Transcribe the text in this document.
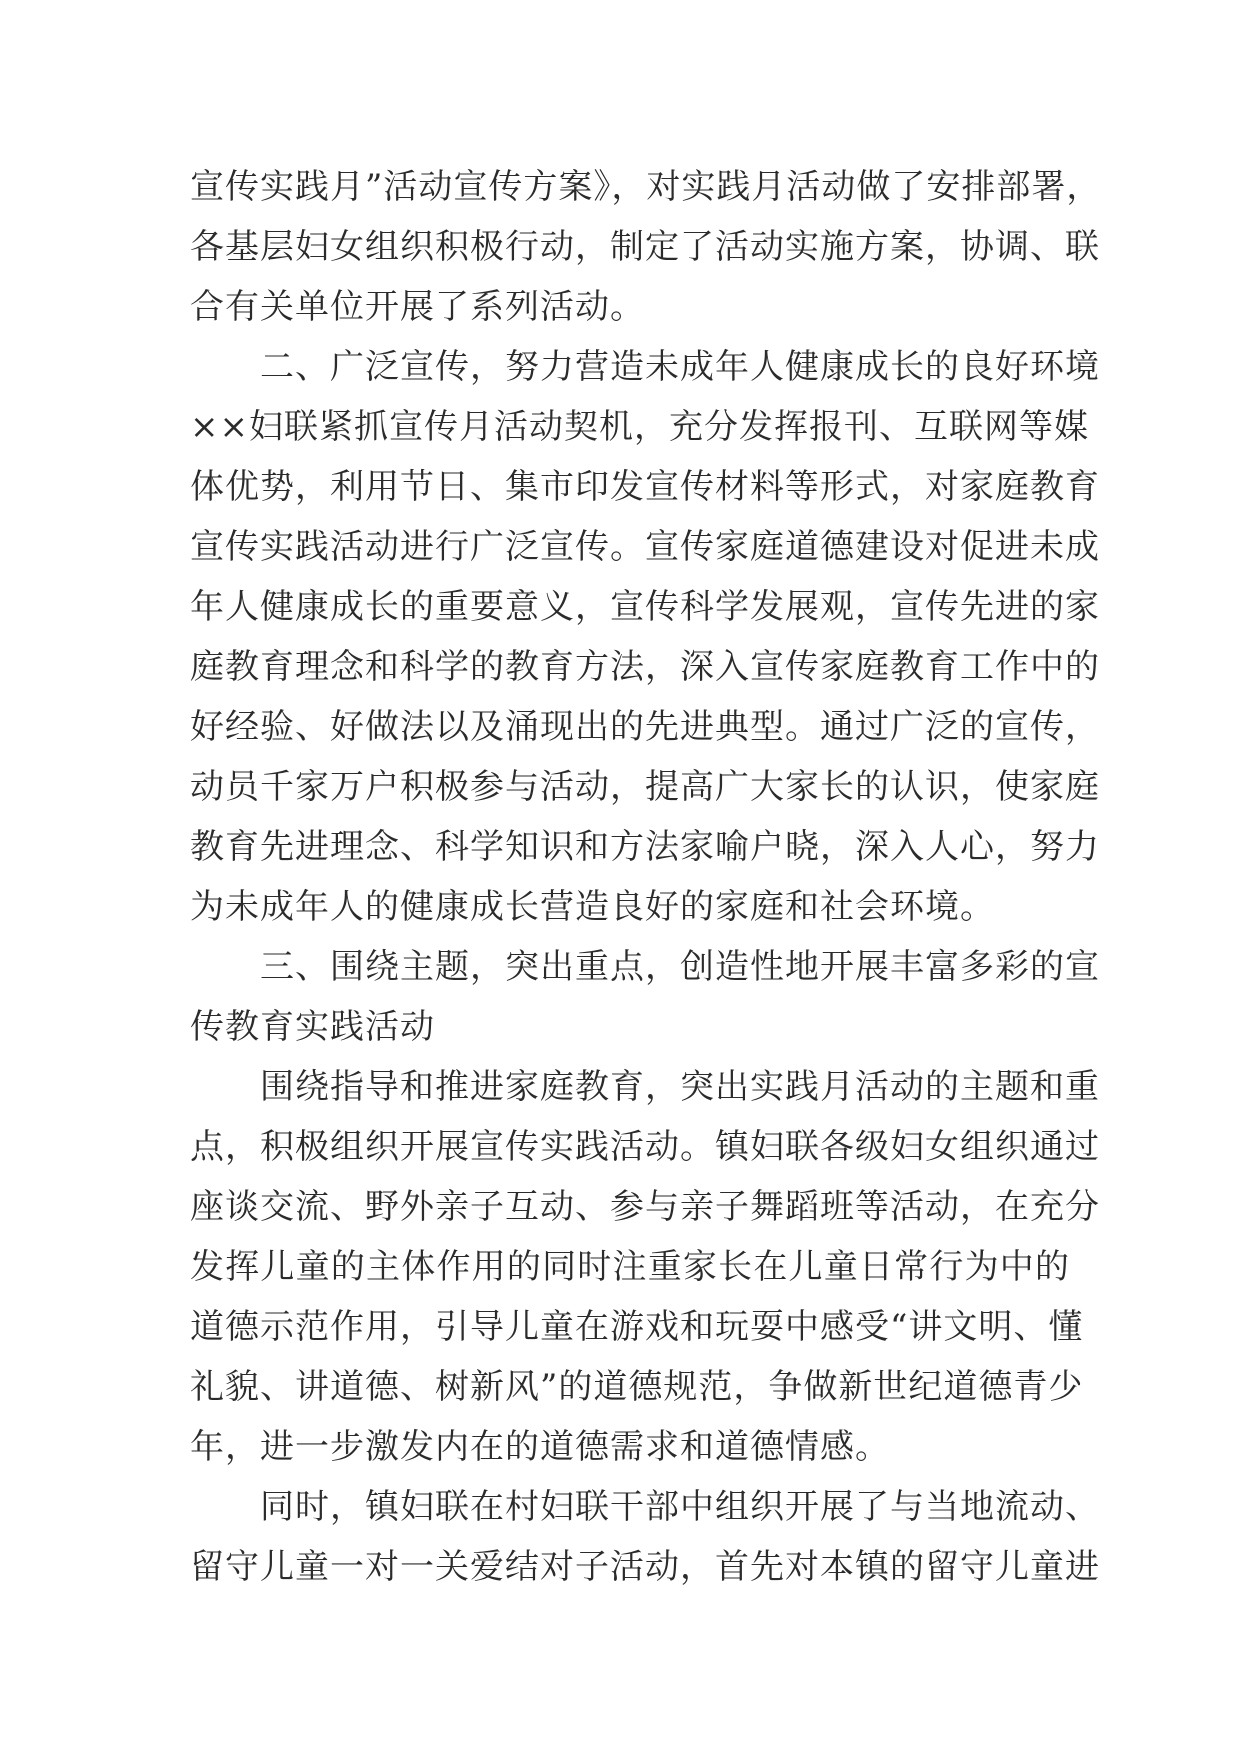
宣传实践月”活动宣传方案》，对实践月活动做了安排部署，
各基层妇女组织积极行动，制定了活动实施方案，协调、联
合有关单位开展了系列活动。
　　二、广泛宣传，努力营造未成年人健康成长的良好环境
××妇联紧抓宣传月活动契机，充分发挥报刊、互联网等媒
体优势，利用节日、集市印发宣传材料等形式，对家庭教育
宣传实践活动进行广泛宣传。宣传家庭道德建设对促进未成
年人健康成长的重要意义，宣传科学发展观，宣传先进的家
庭教育理念和科学的教育方法，深入宣传家庭教育工作中的
好经验、好做法以及涌现出的先进典型。通过广泛的宣传，
动员千家万户积极参与活动，提高广大家长的认识，使家庭
教育先进理念、科学知识和方法家喻户晓，深入人心，努力
为未成年人的健康成长营造良好的家庭和社会环境。
　　三、围绕主题，突出重点，创造性地开展丰富多彩的宣
传教育实践活动
　　围绕指导和推进家庭教育，突出实践月活动的主题和重
点，积极组织开展宣传实践活动。镇妇联各级妇女组织通过
座谈交流、野外亲子互动、参与亲子舞蹈班等活动，在充分
发挥儿童的主体作用的同时注重家长在儿童日常行为中的
道德示范作用，引导儿童在游戏和玩耍中感受“讲文明、懂
礼貌、讲道德、树新风”的道德规范，争做新世纪道德青少
年，进一步激发内在的道德需求和道德情感。
　　同时，镇妇联在村妇联干部中组织开展了与当地流动、
留守儿童一对一关爱结对子活动，首先对本镇的留守儿童进
